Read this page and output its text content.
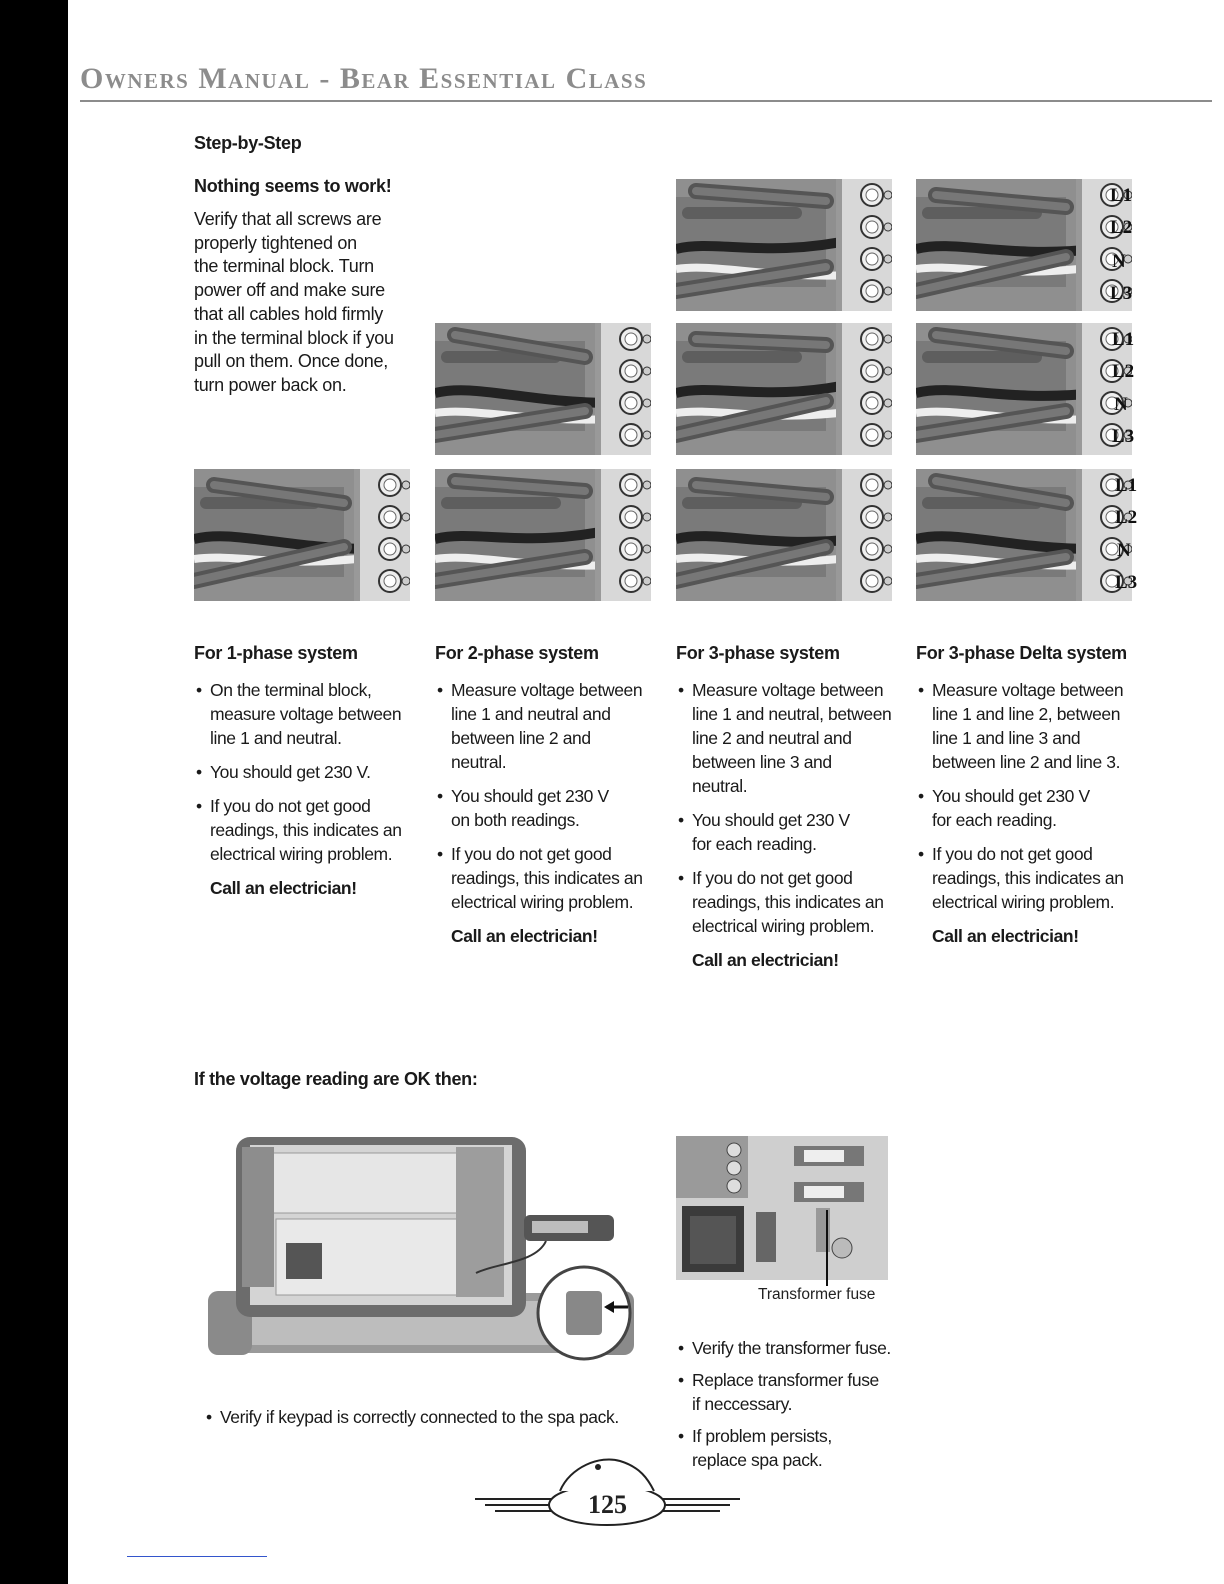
Owners Manual - Bear Essential Class
Step-by-Step
Nothing seems to work!
Verify that all screws are
properly tightened on
the terminal block. Turn
power off and make sure
that all cables hold firmly
in the terminal block if you
pull on them. Once done,
turn power back on.
L1
L2
N
L3
L1
L2
N
L3
L1
L2
N
L3
For 1-phase system
• On the terminal block,
measure voltage between
line 1 and neutral.
• You should get 230 V.
• If you do not get good
readings, this indicates an
electrical wiring problem.
Call an electrician!
For 2-phase system
• Measure voltage between
line 1 and neutral and
between line 2 and
neutral.
• You should get 230 V
on both readings.
• If you do not get good
readings, this indicates an
electrical wiring problem.
Call an electrician!
For 3-phase system
• Measure voltage between
line 1 and neutral, between
line 2 and neutral and
between line 3 and
neutral.
• You should get 230 V
for each reading.
• If you do not get good
readings, this indicates an
electrical wiring problem.
Call an electrician!
For 3-phase Delta system
• Measure voltage between
line 1 and line 2, between
line 1 and line 3 and
between line 2 and line 3.
• You should get 230 V
for each reading.
• If you do not get good
readings, this indicates an
electrical wiring problem.
Call an electrician!
If the voltage reading are OK then:
Transformer fuse
• Verify if keypad is correctly connected to the spa pack.
• Verify the transformer fuse.
• Replace transformer fuse
if neccessary.
• If problem persists,
replace spa pack.
125
